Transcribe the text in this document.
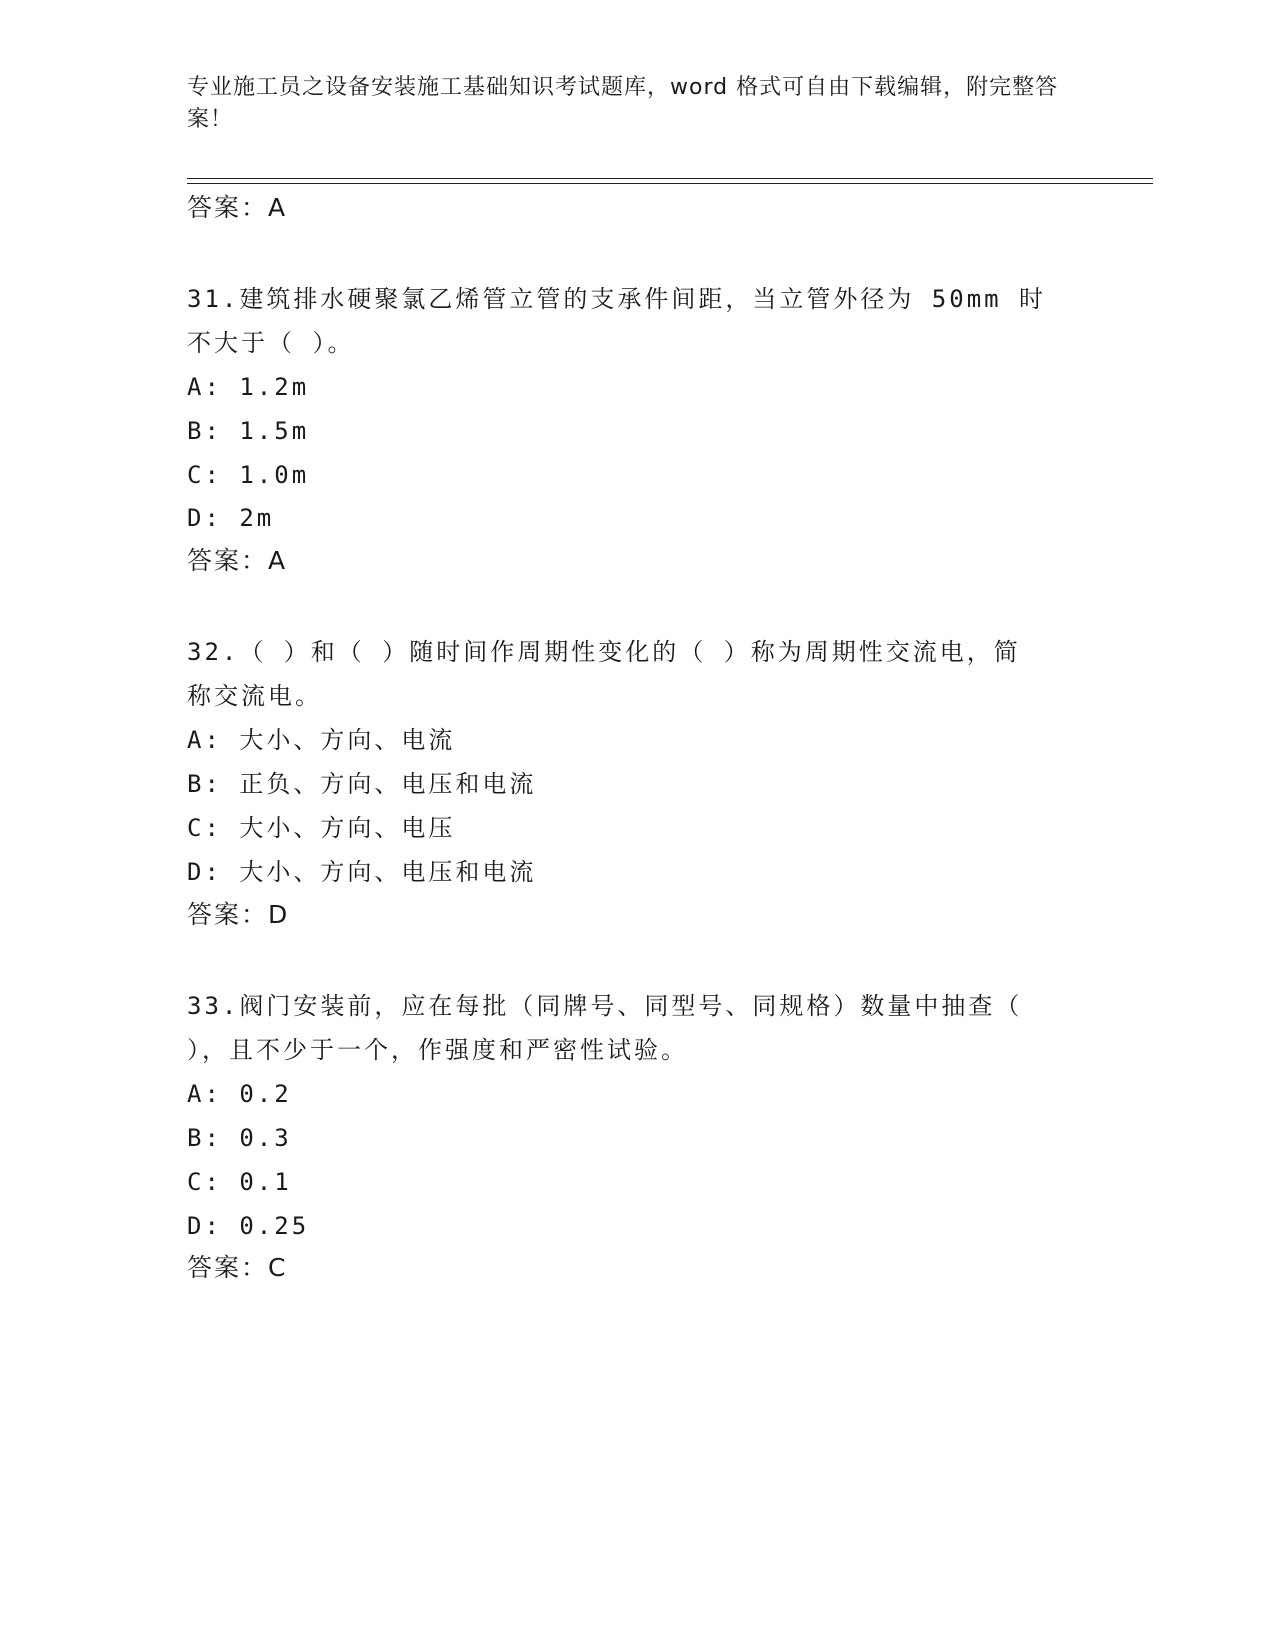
专业施工员之设备安装施工基础知识考试题库，word 格式可自由下载编辑，附完整答案！
答案：A
31.建筑排水硬聚氯乙烯管立管的支承件间距，当立管外径为 50mm 时
不大于（ ）。
A: 1.2m
B: 1.5m
C: 1.0m
D: 2m
答案：A
32.（ ）和（ ）随时间作周期性变化的（ ）称为周期性交流电，简
称交流电。
A: 大小、方向、电流
B: 正负、方向、电压和电流
C: 大小、方向、电压
D: 大小、方向、电压和电流
答案：D
33.阀门安装前，应在每批（同牌号、同型号、同规格）数量中抽查（
），且不少于一个，作强度和严密性试验。
A: 0.2
B: 0.3
C: 0.1
D: 0.25
答案：C
